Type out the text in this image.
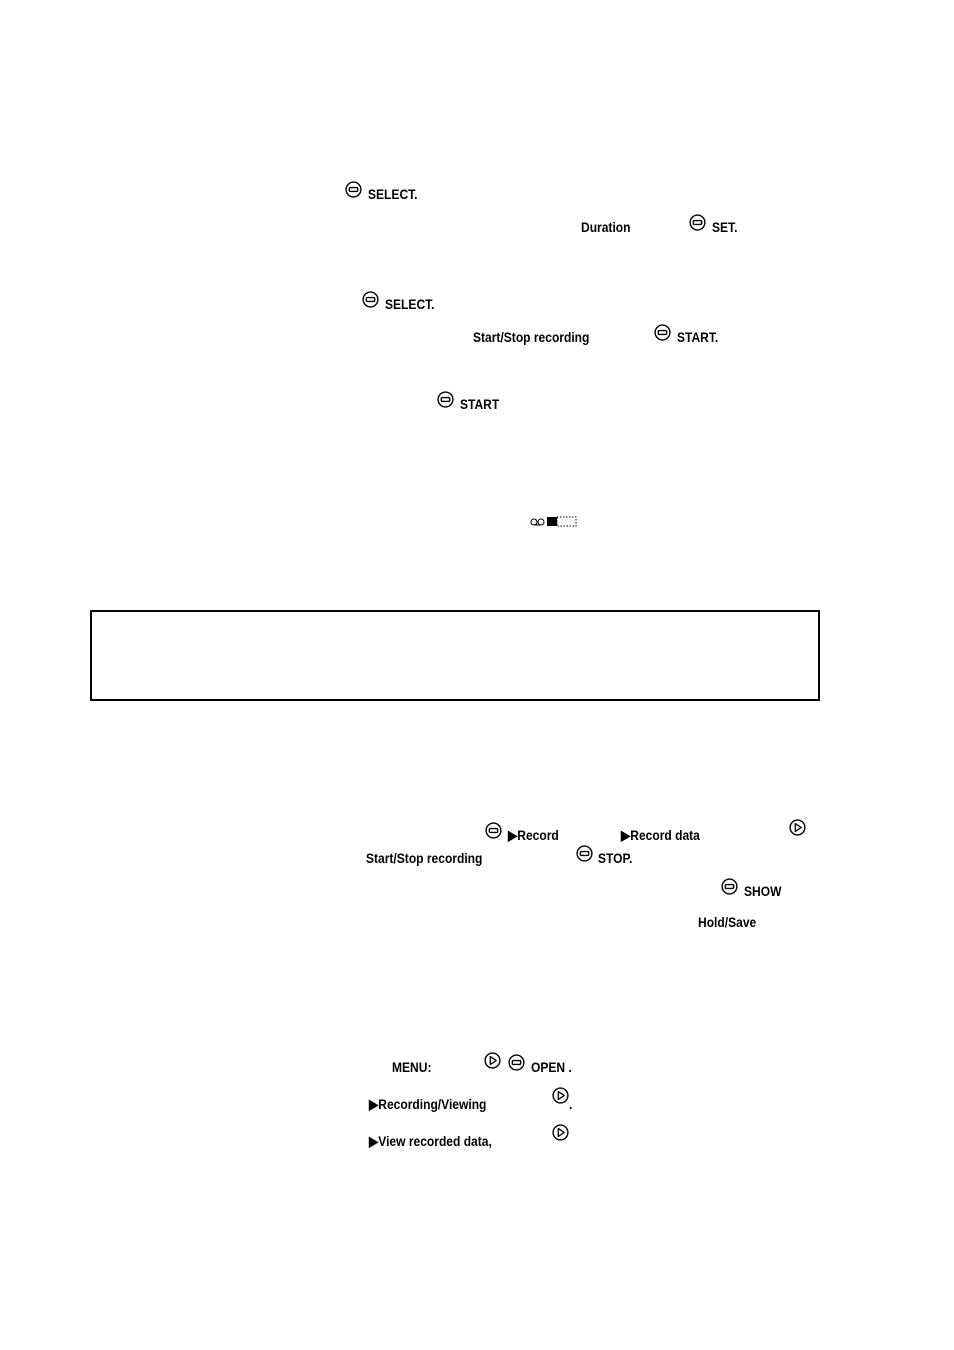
SELECT.
Duration	SET.
SELECT.
Start/Stop recording	START.
START
▶Record	▶Record data
Start/Stop recording	STOP.
SHOW
Hold/Save
MENU:	OPEN .
▶Recording/Viewing	.
▶View recorded data,
